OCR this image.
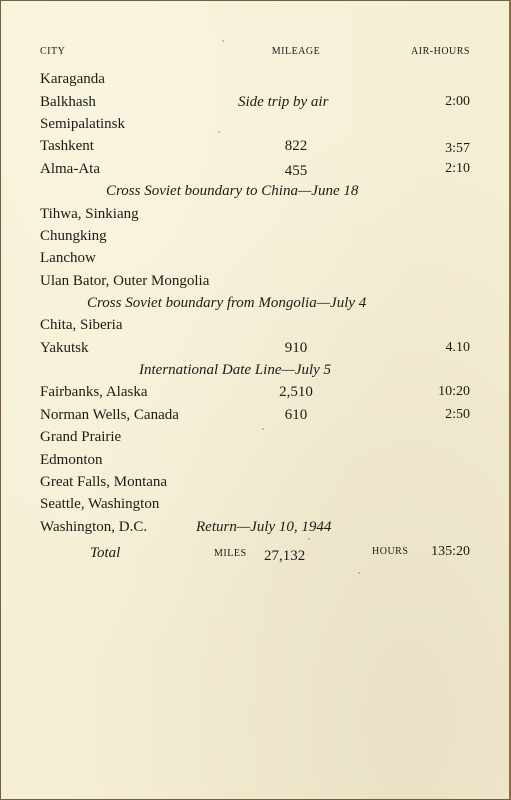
CITY	MILEAGE	AIR-HOURS
Karaganda
Balkhash	Side trip by air	2:00
Semipalatinsk
Tashkent	822	3:57
Alma-Ata	455	2:10
Cross Soviet boundary to China—June 18
Tihwa, Sinkiang
Chungking
Lanchow
Ulan Bator, Outer Mongolia
Cross Soviet boundary from Mongolia—July 4
Chita, Siberia
Yakutsk	910	4.10
International Date Line—July 5
Fairbanks, Alaska	2,510	10:20
Norman Wells, Canada	610	2:50
Grand Prairie
Edmonton
Great Falls, Montana
Seattle, Washington
Washington, D.C.	Return—July 10, 1944
Total	MILES 27,132	HOURS 135:20
